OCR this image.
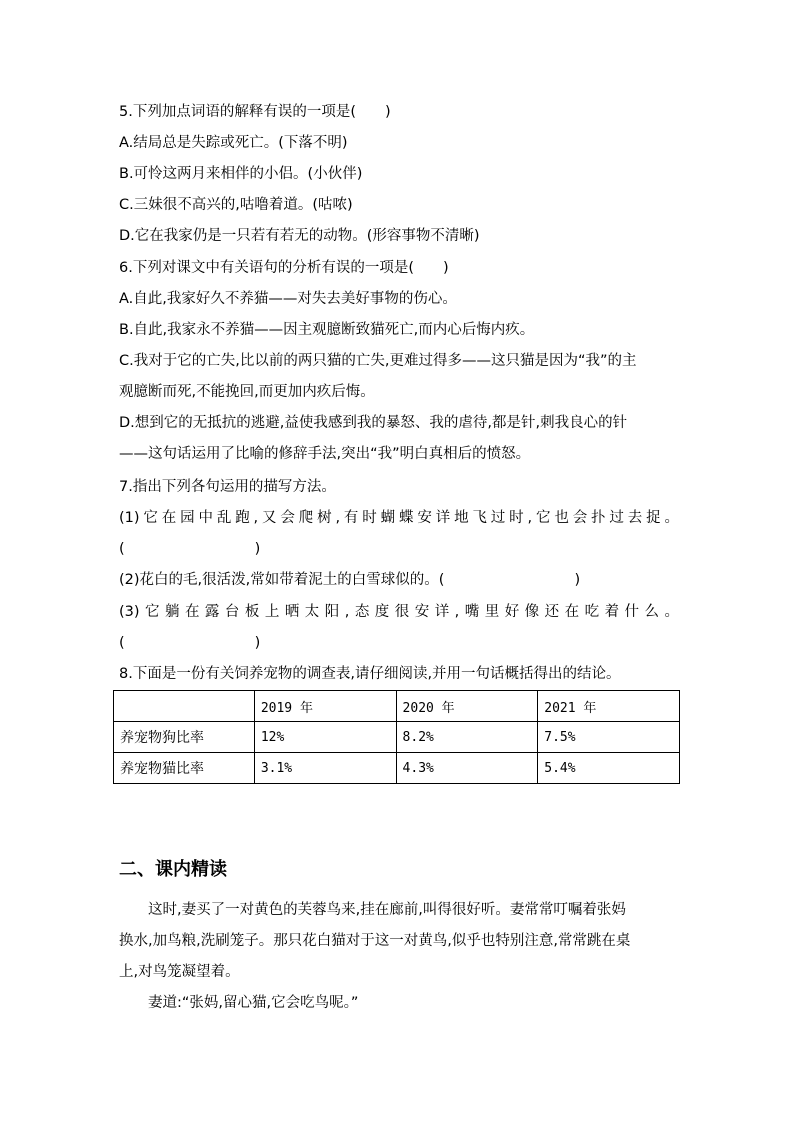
5.下列加点词语的解释有误的一项是(　　)
A.结局总是失踪或死亡。(下落不明)
B.可怜这两月来相伴的小侣。(小伙伴)
C.三妹很不高兴的,咕噜着道。(咕哝)
D.它在我家仍是一只若有若无的动物。(形容事物不清晰)
6.下列对课文中有关语句的分析有误的一项是(　　)
A.自此,我家好久不养猫——对失去美好事物的伤心。
B.自此,我家永不养猫——因主观臆断致猫死亡,而内心后悔内疚。
C.我对于它的亡失,比以前的两只猫的亡失,更难过得多——这只猫是因为“我”的主
观臆断而死,不能挽回,而更加内疚后悔。
D.想到它的无抵抗的逃避,益使我感到我的暴怒、我的虐待,都是针,刺我良心的针
——这句话运用了比喻的修辞手法,突出“我”明白真相后的愤怒。
7.指出下列各句运用的描写方法。
(1)它在园中乱跑,又会爬树,有时蝴蝶安详地飞过时,它也会扑过去捉。
(	)
(2)花白的毛,很活泼,常如带着泥土的白雪球似的。(	)
(3)它躺在露台板上晒太阳,态度很安详,嘴里好像还在吃着什么。
(	)
8.下面是一份有关饲养宠物的调查表,请仔细阅读,并用一句话概括得出的结论。
	2019 年	2020 年	2021 年
养宠物狗比率	12%	8.2%	7.5%
养宠物猫比率	3.1%	4.3%	5.4%
二、课内精读
这时,妻买了一对黄色的芙蓉鸟来,挂在廊前,叫得很好听。妻常常叮嘱着张妈
换水,加鸟粮,洗刷笼子。那只花白猫对于这一对黄鸟,似乎也特别注意,常常跳在桌
上,对鸟笼凝望着。
妻道:“张妈,留心猫,它会吃鸟呢。”
